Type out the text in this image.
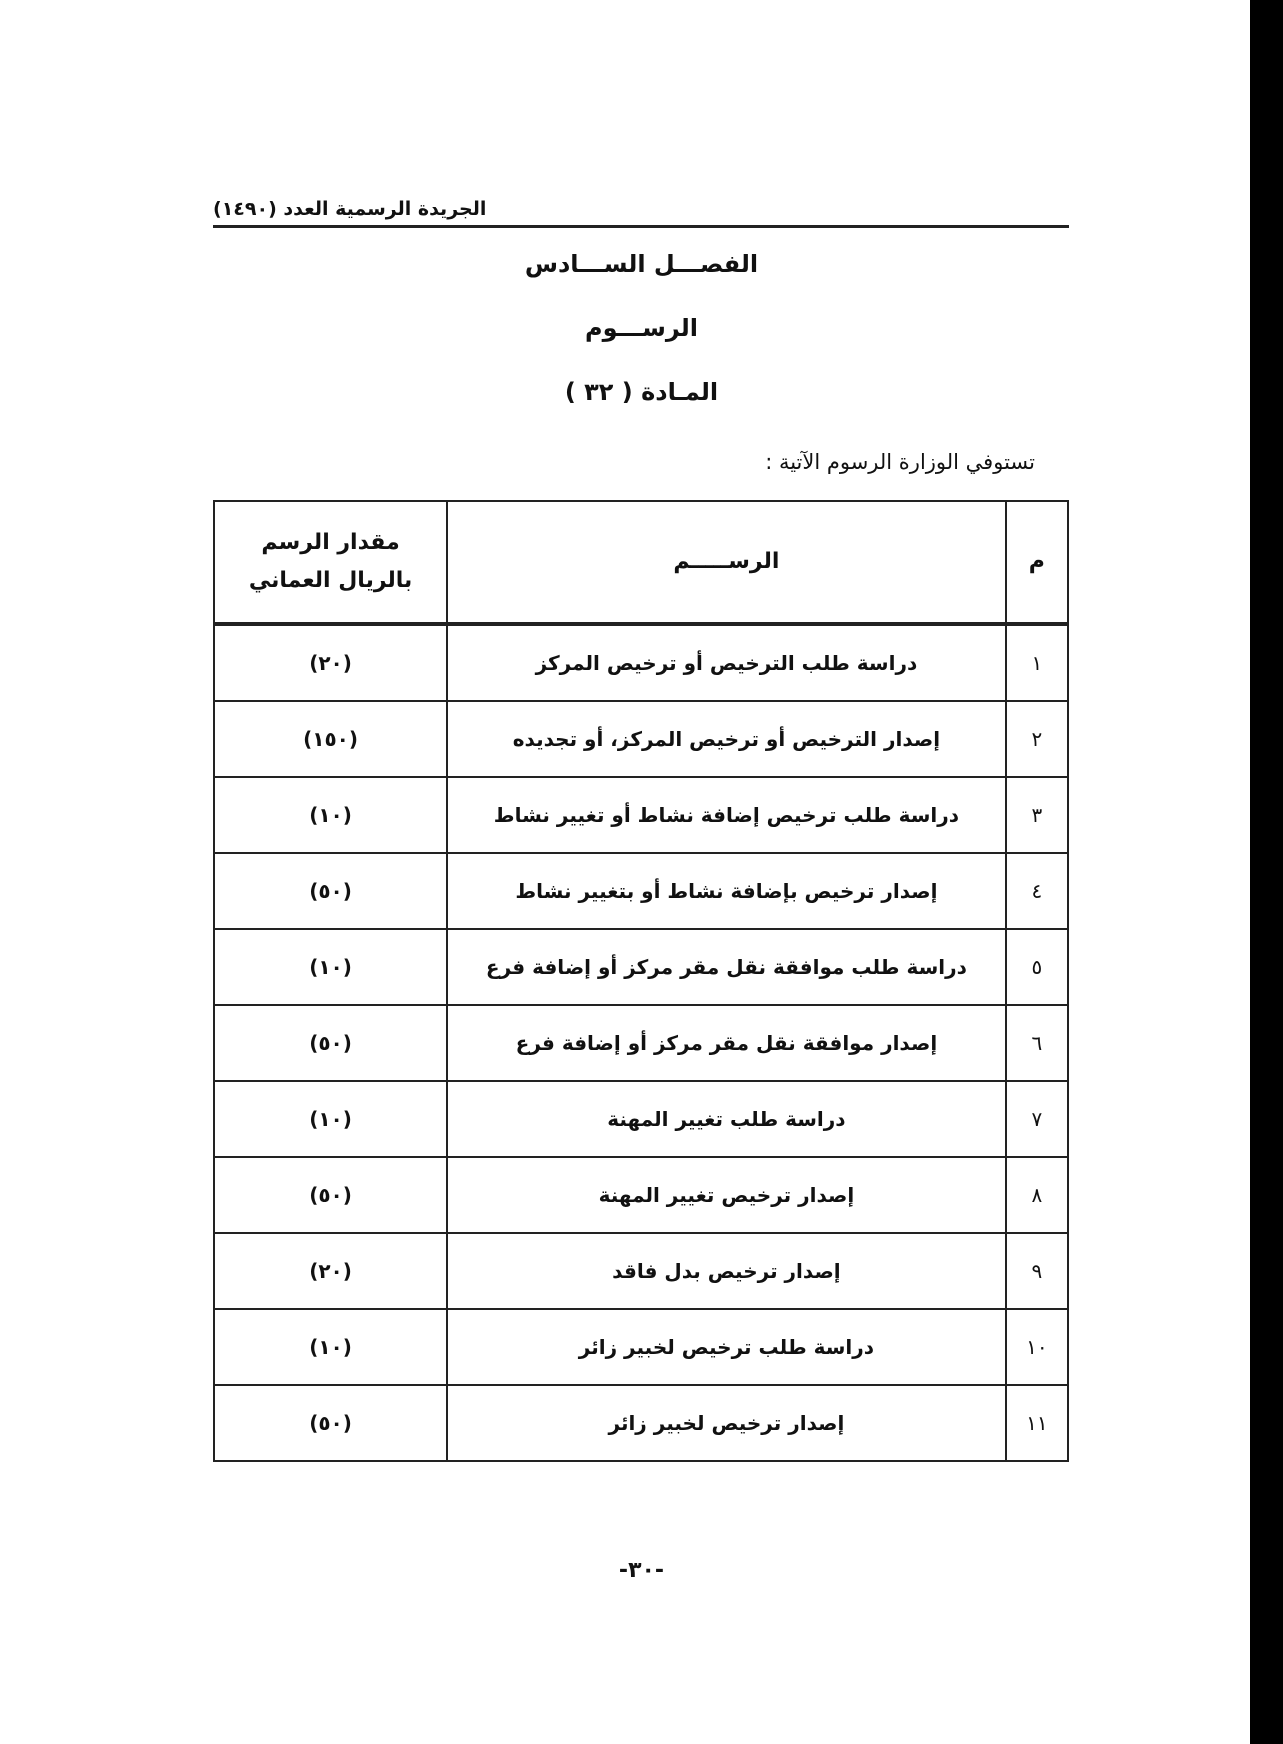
الجريدة الرسمية العدد (١٤٩٠)
الفصـــل الســـادس
الرســـوم
المـادة ( ٣٢ )
تستوفي الوزارة الرسوم الآتية :
م	الرســـــم	مقدار الرسم بالريال العماني

١	دراسة طلب الترخيص أو ترخيص المركز	(٢٠)
٢	إصدار الترخيص أو ترخيص المركز، أو تجديده	(١٥٠)
٣	دراسة طلب ترخيص إضافة نشاط أو تغيير نشاط	(١٠)
٤	إصدار ترخيص بإضافة نشاط أو بتغيير نشاط	(٥٠)
٥	دراسة طلب موافقة نقل مقر مركز أو إضافة فرع	(١٠)
٦	إصدار موافقة نقل مقر مركز أو إضافة فرع	(٥٠)
٧	دراسة طلب تغيير المهنة	(١٠)
٨	إصدار ترخيص تغيير المهنة	(٥٠)
٩	إصدار ترخيص بدل فاقد	(٢٠)
١٠	دراسة طلب ترخيص لخبير زائر	(١٠)
١١	إصدار ترخيص لخبير زائر	(٥٠)
-٣٠-
